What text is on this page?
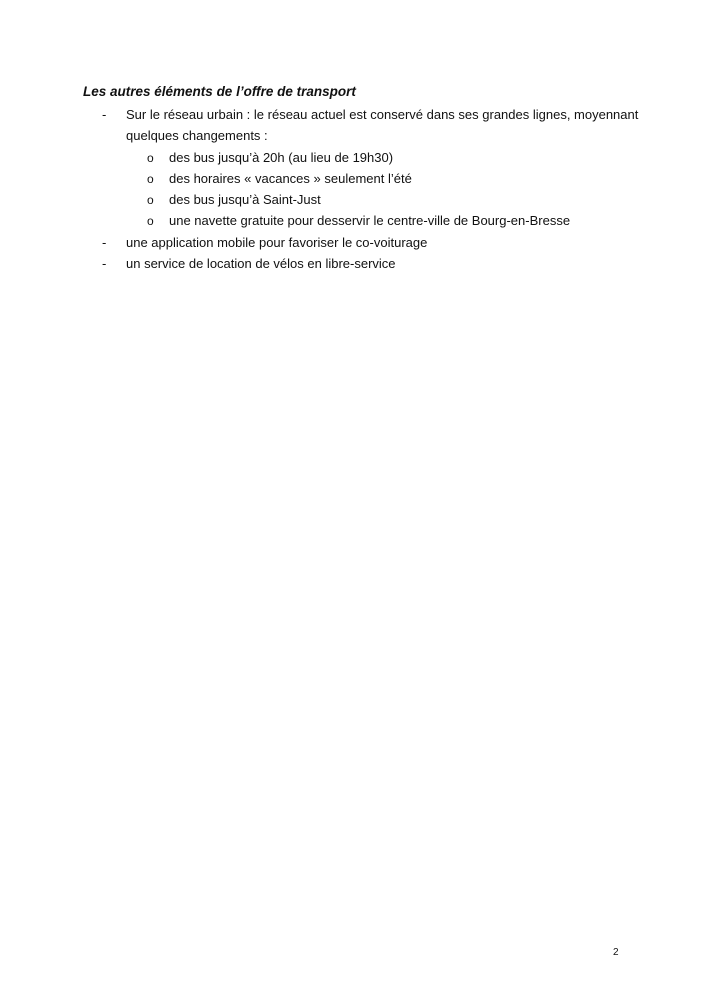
Les autres éléments de l’offre de transport
- Sur le réseau urbain : le réseau actuel est conservé dans ses grandes lignes, moyennant
quelques changements :
o des bus jusqu’à 20h (au lieu de 19h30)
o des horaires « vacances » seulement l’été
o des bus jusqu’à Saint-Just
o une navette gratuite pour desservir le centre-ville de Bourg-en-Bresse
- une application mobile pour favoriser le co-voiturage
- un service de location de vélos en libre-service
2
